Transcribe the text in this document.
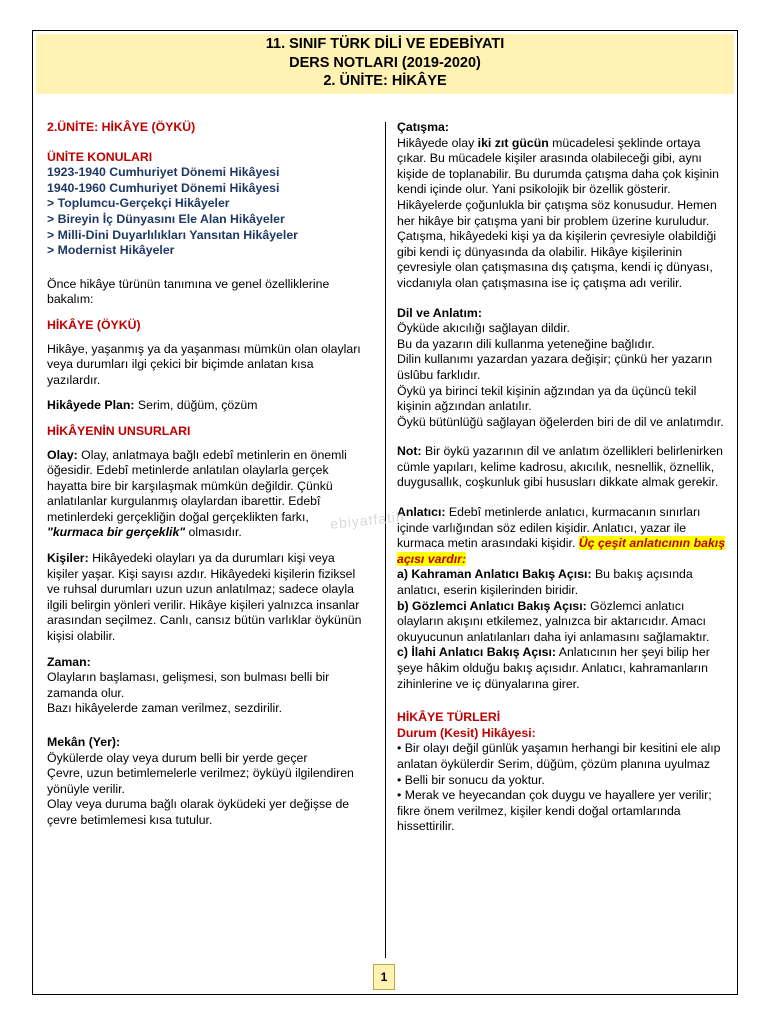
11. SINIF TÜRK DİLİ VE EDEBİYATI
DERS NOTLARI (2019-2020)
2. ÜNİTE: HİKÂYE

2.ÜNİTE: HİKÂYE (ÖYKÜ)

ÜNİTE KONULARI

1923-1940 Cumhuriyet Dönemi Hikâyesi

1940-1960 Cumhuriyet Dönemi Hikâyesi

> Toplumcu-Gerçekçi Hikâyeler

> Bireyin İç Dünyasını Ele Alan Hikâyeler

> Milli-Dini Duyarlılıkları Yansıtan Hikâyeler

> Modernist Hikâyeler

Önce hikâye türünün tanımına ve genel özelliklerine bakalım:

HİKÂYE (ÖYKÜ)

Hikâye, yaşanmış ya da yaşanması mümkün olan olayları veya durumları ilgi çekici bir biçimde anlatan kısa yazılardır.

Hikâyede Plan: Serim, düğüm, çözüm

HİKÂYENİN UNSURLARI

Olay: Olay, anlatmaya bağlı edebî metinlerin en önemli öğesidir. Edebî metinlerde anlatılan olaylarla gerçek hayatta bire bir karşılaşmak mümkün değildir. Çünkü anlatılanlar kurgulanmış olaylardan ibarettir. Edebî metinlerdeki gerçekliğin doğal gerçeklikten farkı, "kurmaca bir gerçeklik" olmasıdır.

Kişiler: Hikâyedeki olayları ya da durumları kişi veya kişiler yaşar. Kişi sayısı azdır. Hikâyedeki kişilerin fiziksel ve ruhsal durumları uzun uzun anlatılmaz; sadece olayla ilgili belirgin yönleri verilir. Hikâye kişileri yalnızca insanlar arasından seçilmez. Canlı, cansız bütün varlıklar öykünün kişisi olabilir.

Zaman:

Olayların başlaması, gelişmesi, son bulması belli bir zamanda olur.

Bazı hikâyelerde zaman verilmez, sezdirilir.

Mekân (Yer):

Öykülerde olay veya durum belli bir yerde geçer

Çevre, uzun betimlemelerle verilmez; öyküyü ilgilendiren yönüyle verilir.

Olay veya duruma bağlı olarak öyküdeki yer değişse de çevre betimlemesi kısa tutulur.

Çatışma:

Hikâyede olay iki zıt gücün mücadelesi şeklinde ortaya çıkar. Bu mücadele kişiler arasında olabileceği gibi, aynı kişide de toplanabilir. Bu durumda çatışma daha çok kişinin kendi içinde olur. Yani psikolojik bir özellik gösterir. Hikâyelerde çoğunlukla bir çatışma söz konusudur. Hemen her hikâye bir çatışma yani bir problem üzerine kuruludur. Çatışma, hikâyedeki kişi ya da kişilerin çevresiyle olabildiği gibi kendi iç dünyasında da olabilir. Hikâye kişilerinin çevresiyle olan çatışmasına dış çatışma, kendi iç dünyası, vicdanıyla olan çatışmasına ise iç çatışma adı verilir.

Dil ve Anlatım:

Öyküde akıcılığı sağlayan dildir.

Bu da yazarın dili kullanma yeteneğine bağlıdır.

Dilin kullanımı yazardan yazara değişir; çünkü her yazarın üslûbu farklıdır.

Öykü ya birinci tekil kişinin ağzından ya da üçüncü tekil kişinin ağzından anlatılır.

Öykü bütünlüğü sağlayan öğelerden biri de dil ve anlatımdır.

Not: Bir öykü yazarının dil ve anlatım özellikleri belirlenirken cümle yapıları, kelime kadrosu, akıcılık, nesnellik, öznellik, duygusallık, coşkunluk gibi hususları dikkate almak gerekir.

Anlatıcı: Edebî metinlerde anlatıcı, kurmacanın sınırları içinde varlığından söz edilen kişidir. Anlatıcı, yazar ile kurmaca metin arasındaki kişidir. Üç çeşit anlatıcının bakış açısı vardır:

a) Kahraman Anlatıcı Bakış Açısı: Bu bakış açısında anlatıcı, eserin kişilerinden biridir.

b) Gözlemci Anlatıcı Bakış Açısı: Gözlemci anlatıcı olayların akışını etkilemez, yalnızca bir aktarıcıdır. Amacı okuyucunun anlatılanları daha iyi anlamasını sağlamaktır.

c) İlahi Anlatıcı Bakış Açısı: Anlatıcının her şeyi bilip her şeye hâkim olduğu bakış açısıdır. Anlatıcı, kahramanların zihinlerine ve iç dünyalarına girer.

HİKÂYE TÜRLERİ

Durum (Kesit) Hikâyesi:

• Bir olayı değil günlük yaşamın herhangi bir kesitini ele alıp anlatan öykülerdir Serim, düğüm, çözüm planına uyulmaz

• Belli bir sonucu da yoktur.

• Merak ve heyecandan çok duygu ve hayallere yer verilir; fikre önem verilmez, kişiler kendi doğal ortamlarında hissettirilir.

ebiyatfatih
1
